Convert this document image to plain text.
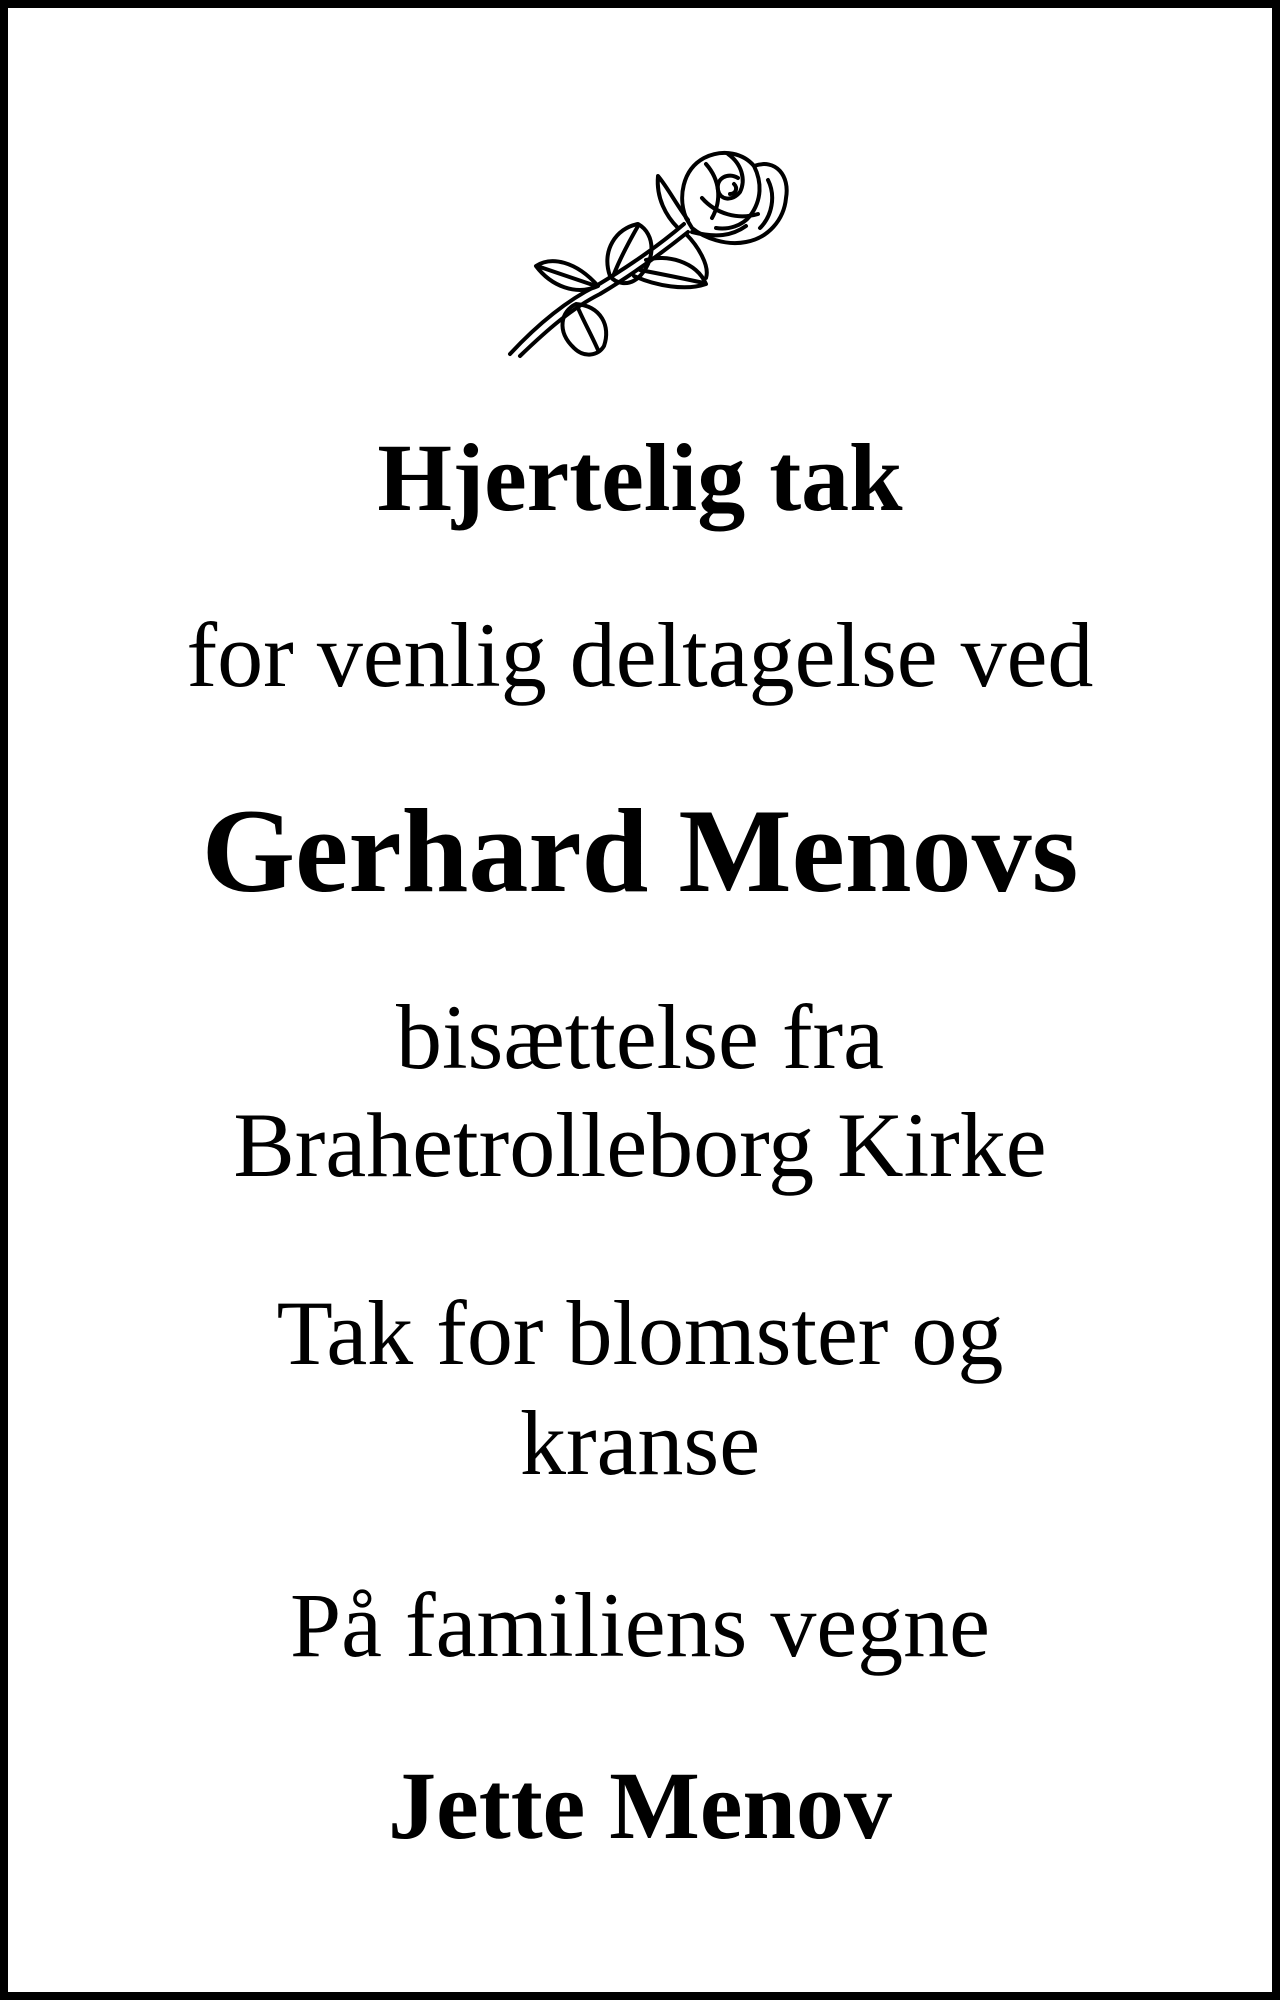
Hjertelig tak

for venlig deltagelse ved

Gerhard Menovs

bisættelse fra
Brahetrolleborg Kirke
Tak for blomster og
kranse

På familiens vegne

Jette Menov
